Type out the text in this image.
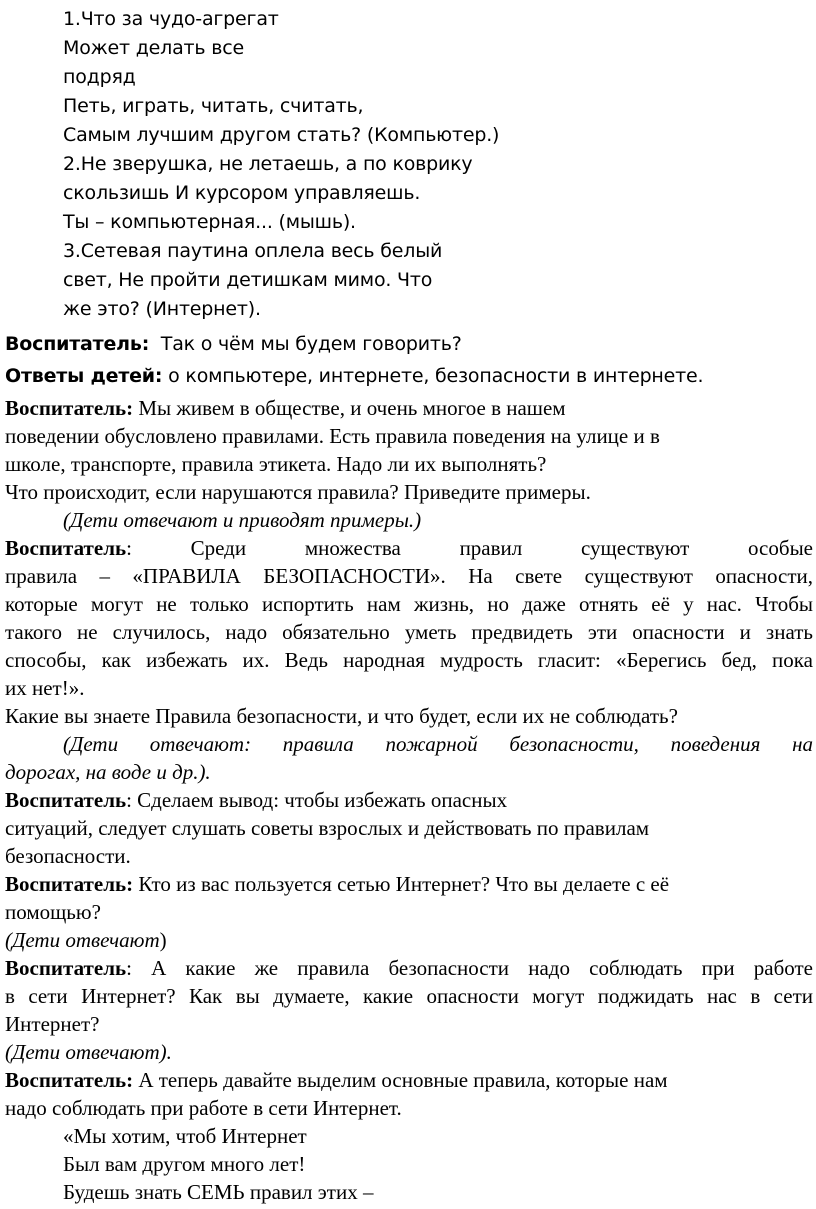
1.Что за чудо-агрегат

Может делать все

подряд

Петь, играть, читать, считать,

Самым лучшим другом стать? (Компьютер.)

2.Не зверушка, не летаешь, а по коврику

скользишь И курсором управляешь.

Ты – компьютерная... (мышь).

3.Сетевая паутина оплела весь белый

свет, Не пройти детишкам мимо. Что

же это? (Интернет).

Воспитатель: Так о чём мы будем говорить?

Ответы детей: о компьютере, интернете, безопасности в интернете.

Воспитатель: Мы живем в обществе, и очень многое в нашем

поведении обусловлено правилами. Есть правила поведения на улице и в

школе, транспорте, правила этикета. Надо ли их выполнять?

Что происходит, если нарушаются правила? Приведите примеры.

(Дети отвечают и приводят примеры.)

Воспитатель: Среди множества правил существуют особые

правила – «ПРАВИЛА БЕЗОПАСНОСТИ». На свете существуют опасности,

которые могут не только испортить нам жизнь, но даже отнять её у нас. Чтобы

такого не случилось, надо обязательно уметь предвидеть эти опасности и знать

способы, как избежать их. Ведь народная мудрость гласит: «Берегись бед, пока

их нет!».

Какие вы знаете Правила безопасности, и что будет, если их не соблюдать?

(Дети отвечают: правила пожарной безопасности, поведения на

дорогах, на воде и др.).

Воспитатель: Сделаем вывод: чтобы избежать опасных

ситуаций, следует слушать советы взрослых и действовать по правилам

безопасности.

Воспитатель: Кто из вас пользуется сетью Интернет? Что вы делаете с её

помощью?

(Дети отвечают)

Воспитатель: А какие же правила безопасности надо соблюдать при работе

в сети Интернет? Как вы думаете, какие опасности могут поджидать нас в сети

Интернет?

(Дети отвечают).

Воспитатель: А теперь давайте выделим основные правила, которые нам

надо соблюдать при работе в сети Интернет.

«Мы хотим, чтоб Интернет

Был вам другом много лет!

Будешь знать СЕМЬ правил этих –
